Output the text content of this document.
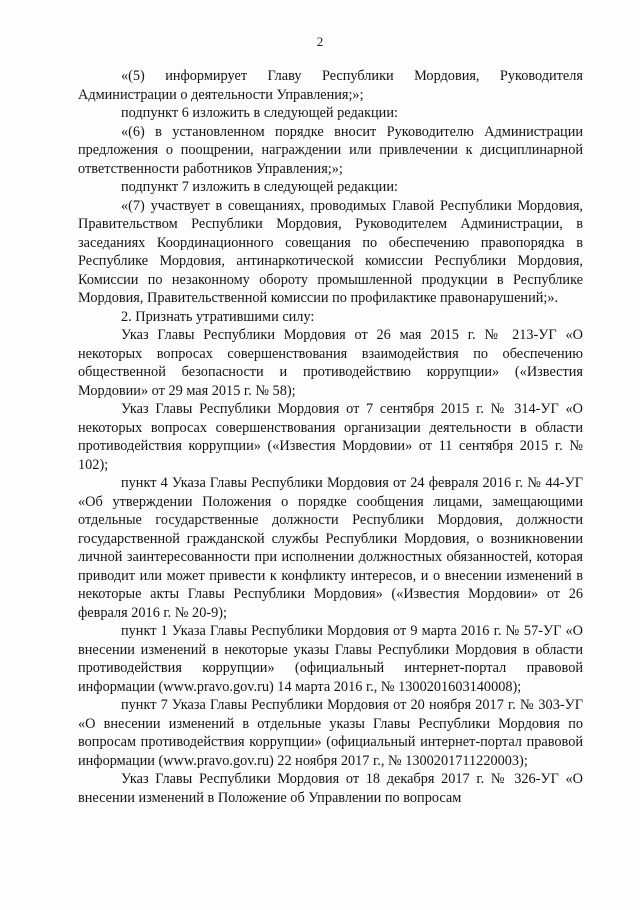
2

«(5) информирует Главу Республики Мордовия, Руководителя Администрации о деятельности Управления;»;

подпункт 6 изложить в следующей редакции:

«(6) в установленном порядке вносит Руководителю Администрации предложения о поощрении, награждении или привлечении к дисциплинарной ответственности работников Управления;»;

подпункт 7 изложить в следующей редакции:

«(7) участвует в совещаниях, проводимых Главой Республики Мордовия, Правительством Республики Мордовия, Руководителем Администрации, в заседаниях Координационного совещания по обеспечению правопорядка в Республике Мордовия, антинаркотической комиссии Республики Мордовия, Комиссии по незаконному обороту промышленной продукции в Республике Мордовия, Правительственной комиссии по профилактике правонарушений;».

2. Признать утратившими силу:

Указ Главы Республики Мордовия от 26 мая 2015 г. № 213-УГ «О некоторых вопросах совершенствования взаимодействия по обеспечению общественной безопасности и противодействию коррупции» («Известия Мордовии» от 29 мая 2015 г. № 58);

Указ Главы Республики Мордовия от 7 сентября 2015 г. № 314-УГ «О некоторых вопросах совершенствования организации деятельности в области противодействия коррупции» («Известия Мордовии» от 11 сентября 2015 г. № 102);

пункт 4 Указа Главы Республики Мордовия от 24 февраля 2016 г. № 44-УГ «Об утверждении Положения о порядке сообщения лицами, замещающими отдельные государственные должности Республики Мордовия, должности государственной гражданской службы Республики Мордовия, о возникновении личной заинтересованности при исполнении должностных обязанностей, которая приводит или может привести к конфликту интересов, и о внесении изменений в некоторые акты Главы Республики Мордовия» («Известия Мордовии» от 26 февраля 2016 г. № 20-9);

пункт 1 Указа Главы Республики Мордовия от 9 марта 2016 г. № 57-УГ «О внесении изменений в некоторые указы Главы Республики Мордовия в области противодействия коррупции» (официальный интернет-портал правовой информации (www.pravo.gov.ru) 14 марта 2016 г., № 1300201603140008);

пункт 7 Указа Главы Республики Мордовия от 20 ноября 2017 г. № 303-УГ «О внесении изменений в отдельные указы Главы Республики Мордовия по вопросам противодействия коррупции» (официальный интернет-портал правовой информации (www.pravo.gov.ru) 22 ноября 2017 г., № 1300201711220003);

Указ Главы Республики Мордовия от 18 декабря 2017 г. № 326-УГ «О внесении изменений в Положение об Управлении по вопросам
